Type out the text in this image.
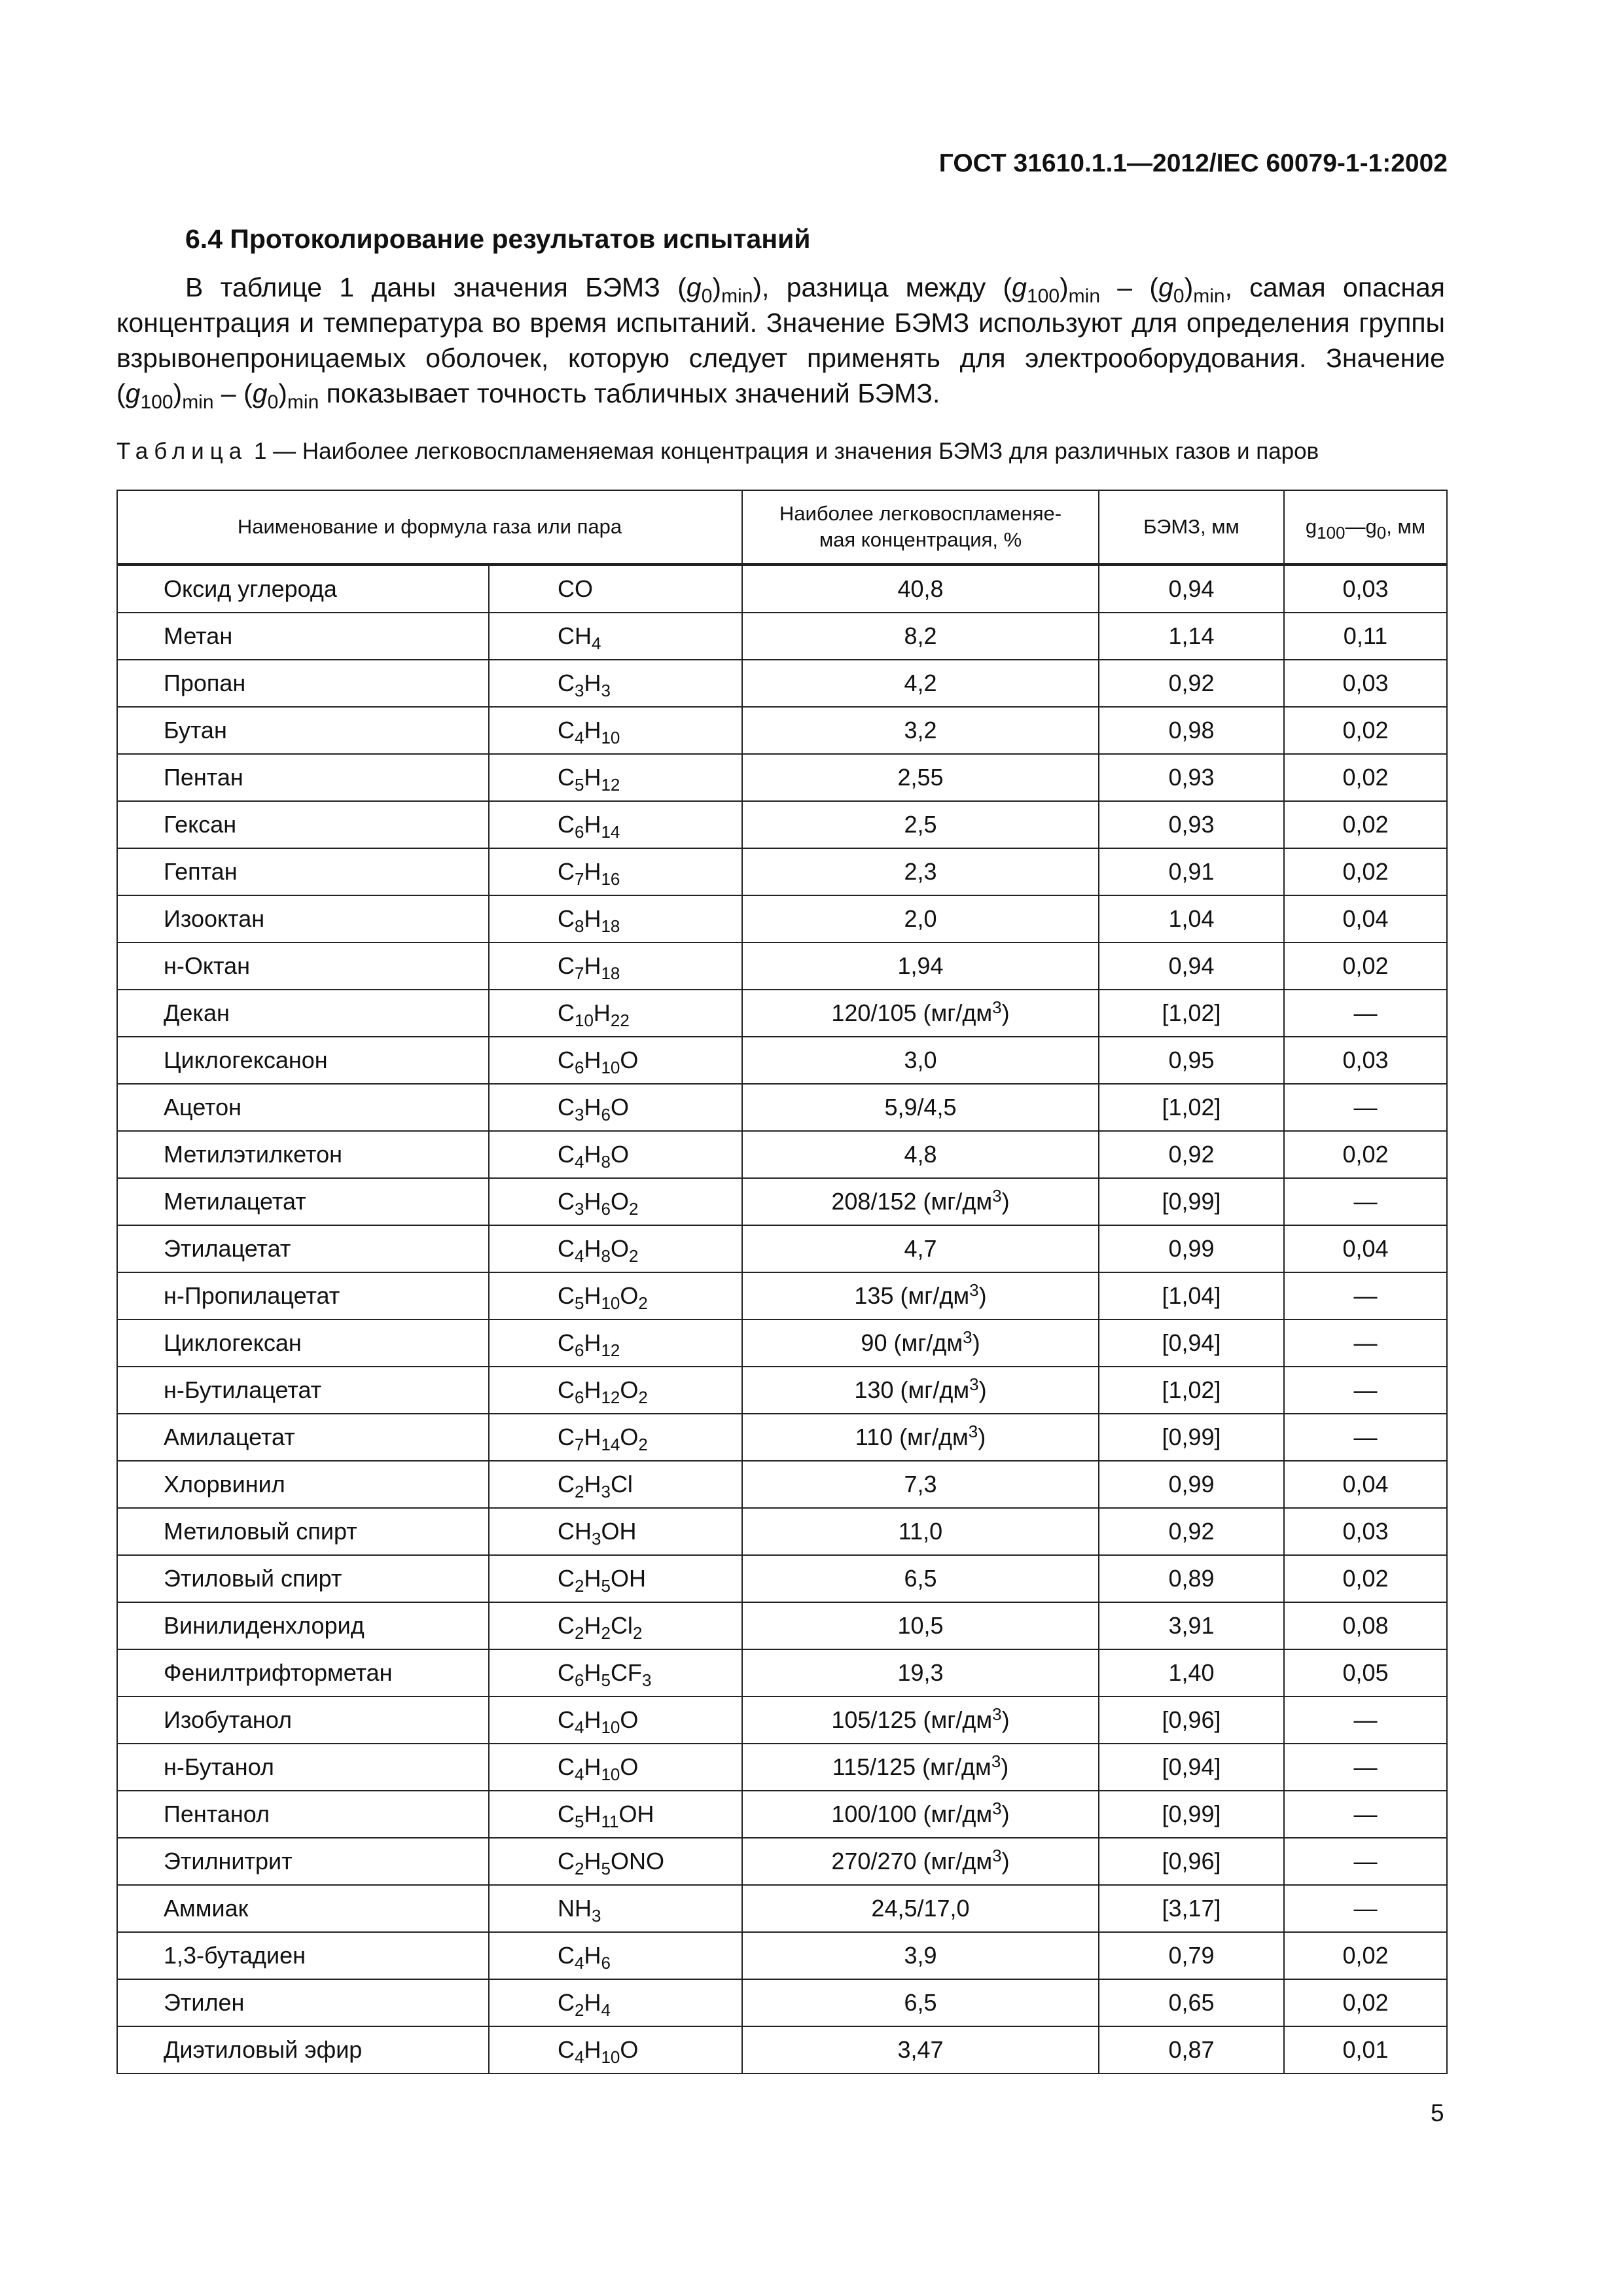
ГОСТ 31610.1.1—2012/IEC 60079-1-1:2002
6.4 Протоколирование результатов испытаний
В таблице 1 даны значения БЭМЗ $(g_0)_{min}$), разница между $(g_{100})_{min} - (g_0)_{min}$, самая опасная концентрация и температура во время испытаний. Значение БЭМЗ используют для определения группы взрывонепроницаемых оболочек, которую следует применять для электрооборудования. Значение $(g_{100})_{min} - (g_0)_{min}$ показывает точность табличных значений БЭМЗ.
Таблица 1 — Наиболее легковоспламеняемая концентрация и значения БЭМЗ для различных газов и паров
Наименование и формула газа или пара		Наиболее легковоспламеняе-мая концентрация, %	БЭМЗ, мм	$g_{100}—g_0$, мм
Оксид углерода	CO	40,8	0,94	0,03
Метан	$CH_4$	8,2	1,14	0,11
Пропан	$C_3H_3$	4,2	0,92	0,03
Бутан	$C_4H_{10}$	3,2	0,98	0,02
Пентан	$C_5H_{12}$	2,55	0,93	0,02
Гексан	$C_6H_{14}$	2,5	0,93	0,02
Гептан	$C_7H_{16}$	2,3	0,91	0,02
Изооктан	$C_8H_{18}$	2,0	1,04	0,04
н-Октан	$C_7H_{18}$	1,94	0,94	0,02
Декан	$C_{10}H_{22}$	120/105 $(мг/дм^3)$	[1,02]	—
Циклогексанон	$C_6H_{10}O$	3,0	0,95	0,03
Ацетон	$C_3H_6O$	5,9/4,5	[1,02]	—
Метилэтилкетон	$C_4H_8O$	4,8	0,92	0,02
Метилацетат	$C_3H_6O_2$	208/152 $(мг/дм^3)$	[0,99]	—
Этилацетат	$C_4H_8O_2$	4,7	0,99	0,04
н-Пропилацетат	$C_5H_{10}O_2$	135 $(мг/дм^3)$	[1,04]	—
Циклогексан	$C_6H_{12}$	90 $(мг/дм^3)$	[0,94]	—
н-Бутилацетат	$C_6H_{12}O_2$	130 $(мг/дм^3)$	[1,02]	—
Амилацетат	$C_7H_{14}O_2$	110 $(мг/дм^3)$	[0,99]	—
Хлорвинил	$C_2H_3Cl$	7,3	0,99	0,04
Метиловый спирт	$CH_3OH$	11,0	0,92	0,03
Этиловый спирт	$C_2H_5OH$	6,5	0,89	0,02
Винилиденхлорид	$C_2H_2Cl_2$	10,5	3,91	0,08
Фенилтрифторметан	$C_6H_5CF_3$	19,3	1,40	0,05
Изобутанол	$C_4H_{10}O$	105/125 $(мг/дм^3)$	[0,96]	—
н-Бутанол	$C_4H_{10}O$	115/125 $(мг/дм^3)$	[0,94]	—
Пентанол	$C_5H_{11}OH$	100/100 $(мг/дм^3)$	[0,99]	—
Этилнитрит	$C_2H_5ONO$	270/270 $(мг/дм^3)$	[0,96]	—
Аммиак	$NH_3$	24,5/17,0	[3,17]	—
1,3-бутадиен	$C_4H_6$	3,9	0,79	0,02
Этилен	$C_2H_4$	6,5	0,65	0,02
Диэтиловый эфир	$C_4H_{10}O$	3,47	0,87	0,01
5
